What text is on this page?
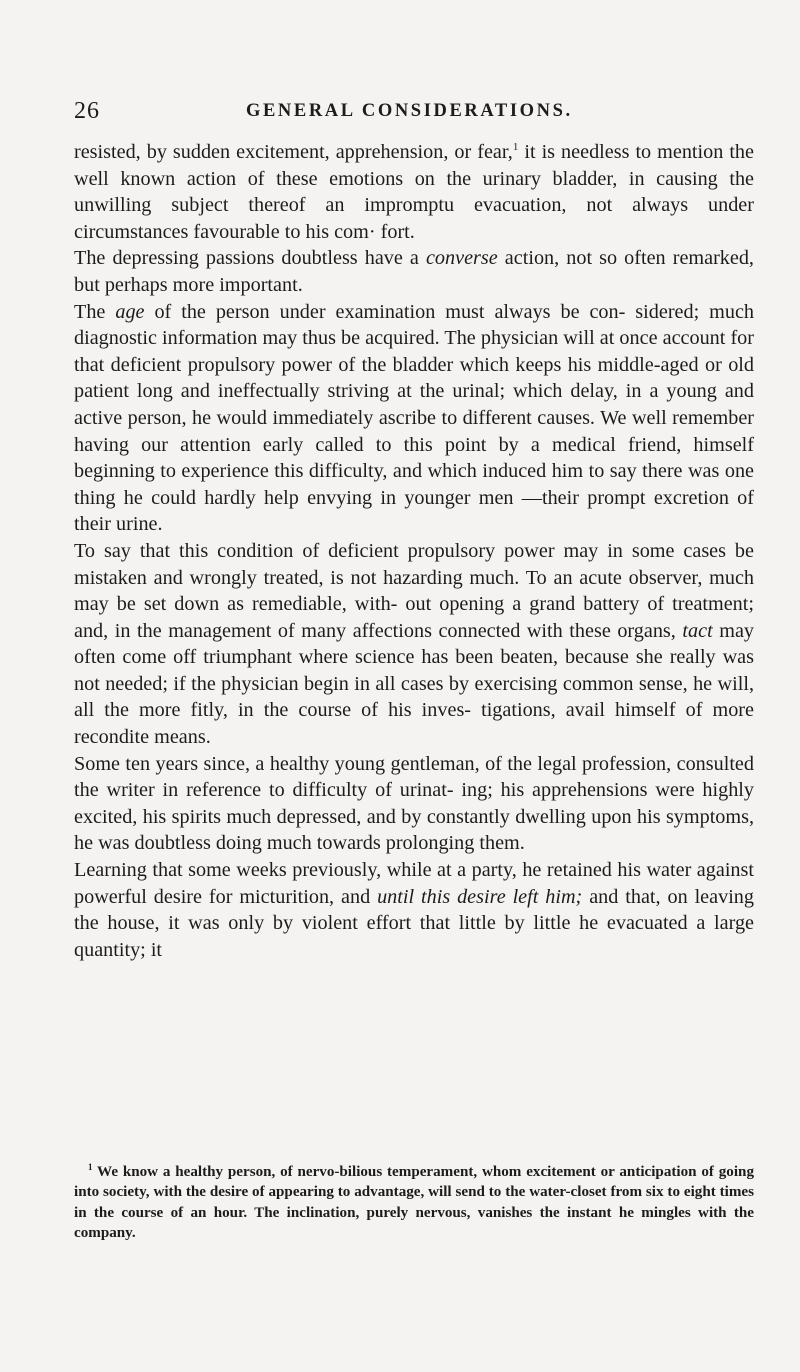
26	GENERAL CONSIDERATIONS.

resisted, by sudden excitement, apprehension, or fear,$^1$ it is needless to mention the well known action of these emotions on the urinary bladder, in causing the unwilling subject thereof an impromptu evacuation, not always under circumstances favourable to his com· fort.

The depressing passions doubtless have a converse action, not so often remarked, but perhaps more important.

The age of the person under examination must always be con- sidered; much diagnostic information may thus be acquired. The physician will at once account for that deficient propulsory power of the bladder which keeps his middle-aged or old patient long and ineffectually striving at the urinal; which delay, in a young and active person, he would immediately ascribe to different causes. We well remember having our attention early called to this point by a medical friend, himself beginning to experience this difficulty, and which induced him to say there was one thing he could hardly help envying in younger men —their prompt excretion of their urine.

To say that this condition of deficient propulsory power may in some cases be mistaken and wrongly treated, is not hazarding much. To an acute observer, much may be set down as remediable, with- out opening a grand battery of treatment; and, in the management of many affections connected with these organs, tact may often come off triumphant where science has been beaten, because she really was not needed; if the physician begin in all cases by exercising common sense, he will, all the more fitly, in the course of his inves- tigations, avail himself of more recondite means.

Some ten years since, a healthy young gentleman, of the legal profession, consulted the writer in reference to difficulty of urinat- ing; his apprehensions were highly excited, his spirits much depressed, and by constantly dwelling upon his symptoms, he was doubtless doing much towards prolonging them.

Learning that some weeks previously, while at a party, he retained his water against powerful desire for micturition, and until this desire left him; and that, on leaving the house, it was only by violent effort that little by little he evacuated a large quantity; it

$^1$ We know a healthy person, of nervo-bilious temperament, whom excitement or anticipation of going into society, with the desire of appearing to advantage, will send to the water-closet from six to eight times in the course of an hour. The inclination, purely nervous, vanishes the instant he mingles with the company.
